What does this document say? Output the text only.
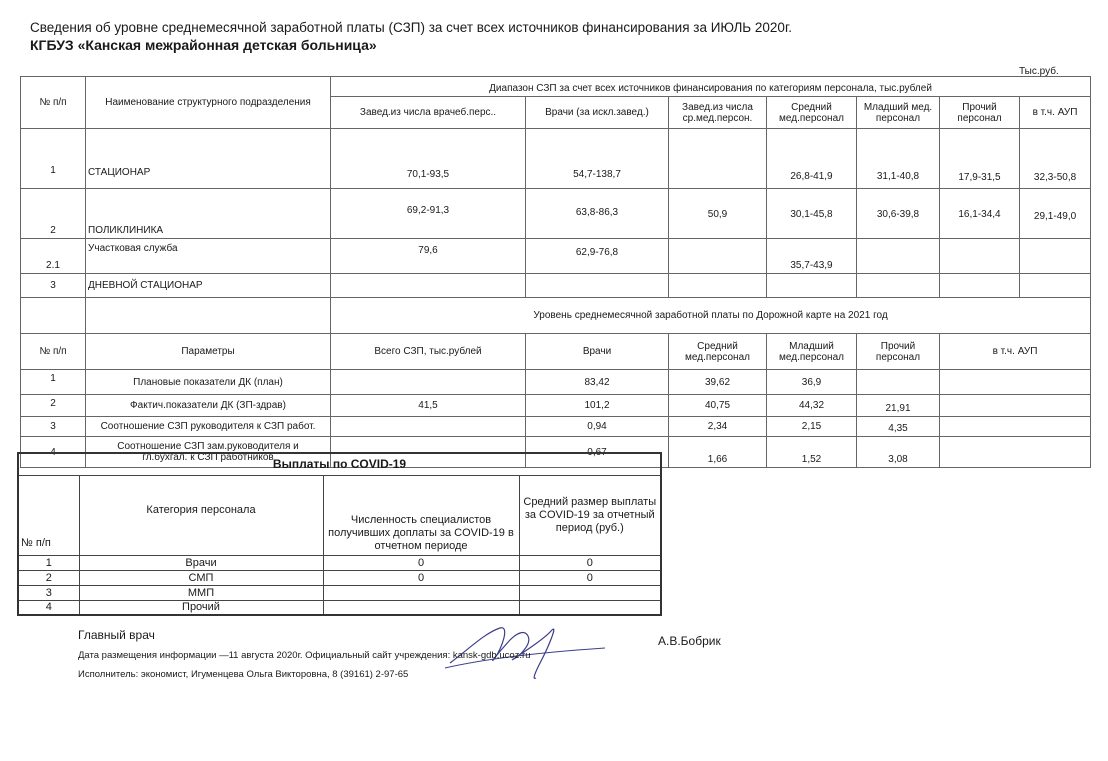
Сведения об уровне среднемесячной заработной платы (СЗП) за счет всех источников финансирования за ИЮЛЬ 2020г.
КГБУЗ «Канская межрайонная детская больница»
Тыс.руб.
№ п/п	Наименование структурного подразделения	Диапазон СЗП за счет всех источников финансирования по категориям персонала, тыс.рублей						
		Завед.из числа врачеб.перс..	Врачи (за искл.завед.)	Завед.из числа ср.мед.персон.	Средний мед.персонал	Младший мед. персонал	Прочий персонал	в т.ч. АУП
1	СТАЦИОНАР	70,1-93,5	54,7-138,7		26,8-41,9	31,1-40,8	17,9-31,5	32,3-50,8
2	ПОЛИКЛИНИКА	69,2-91,3	63,8-86,3	50,9	30,1-45,8	30,6-39,8	16,1-34,4	29,1-49,0
2.1	Участковая служба	79,6	62,9-76,8		35,7-43,9			
3	ДНЕВНОЙ СТАЦИОНАР							
		Уровень среднемесячной заработной платы по Дорожной карте на 2021 год						
№ п/п	Параметры	Всего СЗП, тыс.рублей	Врачи	Средний мед.персонал	Младший мед.персонал	Прочий персонал	в т.ч. АУП	
1	Плановые показатели ДК (план)		83,42	39,62	36,9			
2	Фактич.показатели ДК (ЗП-здрав)	41,5	101,2	40,75	44,32	21,91		
3	Соотношение СЗП руководителя к СЗП работ.		0,94	2,34	2,15	4,35		
4	Соотношение СЗП зам.руководителя и гл.бухгал. к СЗП работников		0,67	1,66	1,52	3,08		
Выплаты по COVID-19			
№ п/п	Категория персонала	Численность специалистов получивших доплаты за COVID-19 в отчетном периоде	Средний размер выплаты за COVID-19 за отчетный период (руб.)
1	Врачи	0	0
2	СМП	0	0
3	ММП		
4	Прочий		
Главный врач	А.В.Бобрик
Дата размещения информации —11 августа 2020г. Официальный сайт учреждения: kansk-gdb.ucoz.ru
Исполнитель: экономист, Игуменцева Ольга Викторовна, 8 (39161) 2-97-65
